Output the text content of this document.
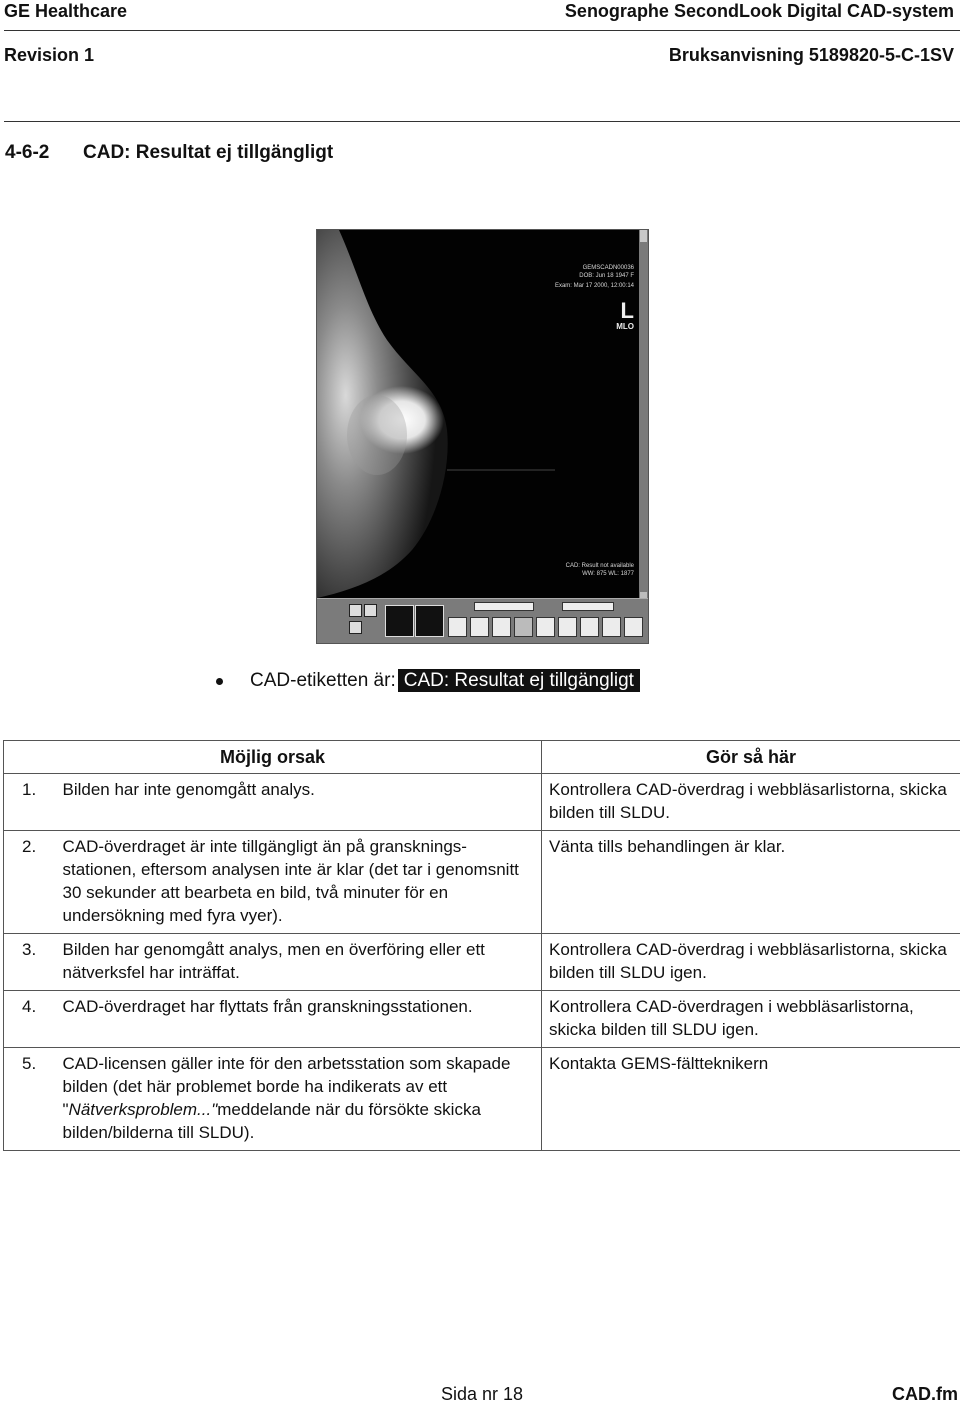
GE Healthcare	Senographe SecondLook Digital CAD-system
Revision 1	Bruksanvisning 5189820-5-C-1SV
4-6-2 CAD: Resultat ej tillgängligt
GEMSCADN00036
DOB: Jun 18 1947 F
Exam: Mar 17 2000, 12:00:14
L
MLO
CAD: Result not available
WW: 875 WL: 1877
CAD-etiketten är: CAD: Resultat ej tillgängligt
Möjlig orsak		Gör så här
1.	Bilden har inte genomgått analys.	Kontrollera CAD-överdrag i webbläsarlistorna, skicka bilden till SLDU.
2.	CAD-överdraget är inte tillgängligt än på granskningsstationen, eftersom analysen inte är klar (det tar i genomsnitt 30 sekunder att bearbeta en bild, två minuter för en undersökning med fyra vyer).	Vänta tills behandlingen är klar.
3.	Bilden har genomgått analys, men en överföring eller ett nätverksfel har inträffat.	Kontrollera CAD-överdrag i webbläsarlistorna, skicka bilden till SLDU igen.
4.	CAD-överdraget har flyttats från granskningsstationen.	Kontrollera CAD-överdragen i webbläsarlistorna, skicka bilden till SLDU igen.
5.	CAD-licensen gäller inte för den arbetsstation som skapade bilden (det här problemet borde ha indikerats av ett "Nätverksproblem..."meddelande när du försökte skicka bilden/bilderna till SLDU).	Kontakta GEMS-fältteknikern
Sida nr 18	CAD.fm
